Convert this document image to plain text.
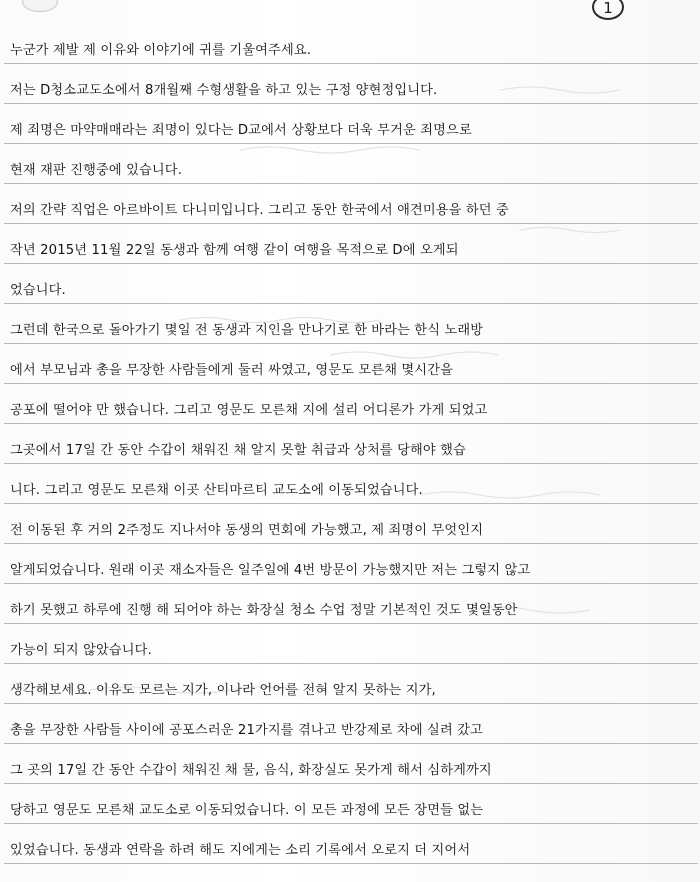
1
누군가 제발 제 이유와 이야기에 귀를 기울여주세요.
저는 D청소교도소에서 8개월째 수형생활을 하고 있는 구정 양현정입니다.
제 죄명은 마약매매라는 죄명이 있다는 D교에서 상황보다 더욱 무거운 죄명으로
현재 재판 진행중에 있습니다.
저의 간략 직업은 아르바이트 다니미입니다. 그리고 동안 한국에서 애견미용을 하던 중
작년 2015년 11월 22일 동생과 함께 여행 같이 여행을 목적으로 D에 오게되
었습니다.
그런데 한국으로 돌아가기 몇일 전 동생과 지인을 만나기로 한 바라는 한식 노래방
에서 부모님과 총을 무장한 사람들에게 둘러 싸였고, 영문도 모른채 몇시간을
공포에 떨어야 만 했습니다. 그리고 영문도 모른채 지에 설리 어디론가 가게 되었고
그곳에서 17일 간 동안 수갑이 채워진 채 알지 못할 취급과 상처를 당해야 했습
니다. 그리고 영문도 모른채 이곳 산티마르티 교도소에 이동되었습니다.
전 이동된 후 거의 2주정도 지나서야 동생의 면회에 가능했고, 제 죄명이 무엇인지
알게되었습니다. 원래 이곳 재소자들은 일주일에 4번 방문이 가능했지만 저는 그렇지 않고
하기 못했고 하루에 진행 해 되어야 하는 화장실 청소 수업 정말 기본적인 것도 몇일동안
가능이 되지 않았습니다.
생각해보세요. 이유도 모르는 지가, 이나라 언어를 전혀 알지 못하는 지가,
총을 무장한 사람들 사이에 공포스러운 21가지를 겪나고 반강제로 차에 실려 갔고
그 곳의 17일 간 동안 수갑이 채워진 채 물, 음식, 화장실도 못가게 해서 심하게까지
당하고 영문도 모른채 교도소로 이동되었습니다. 이 모든 과정에 모든 장면들 없는
있었습니다. 동생과 연락을 하려 해도 지에게는 소리 기록에서 오로지 더 지어서
